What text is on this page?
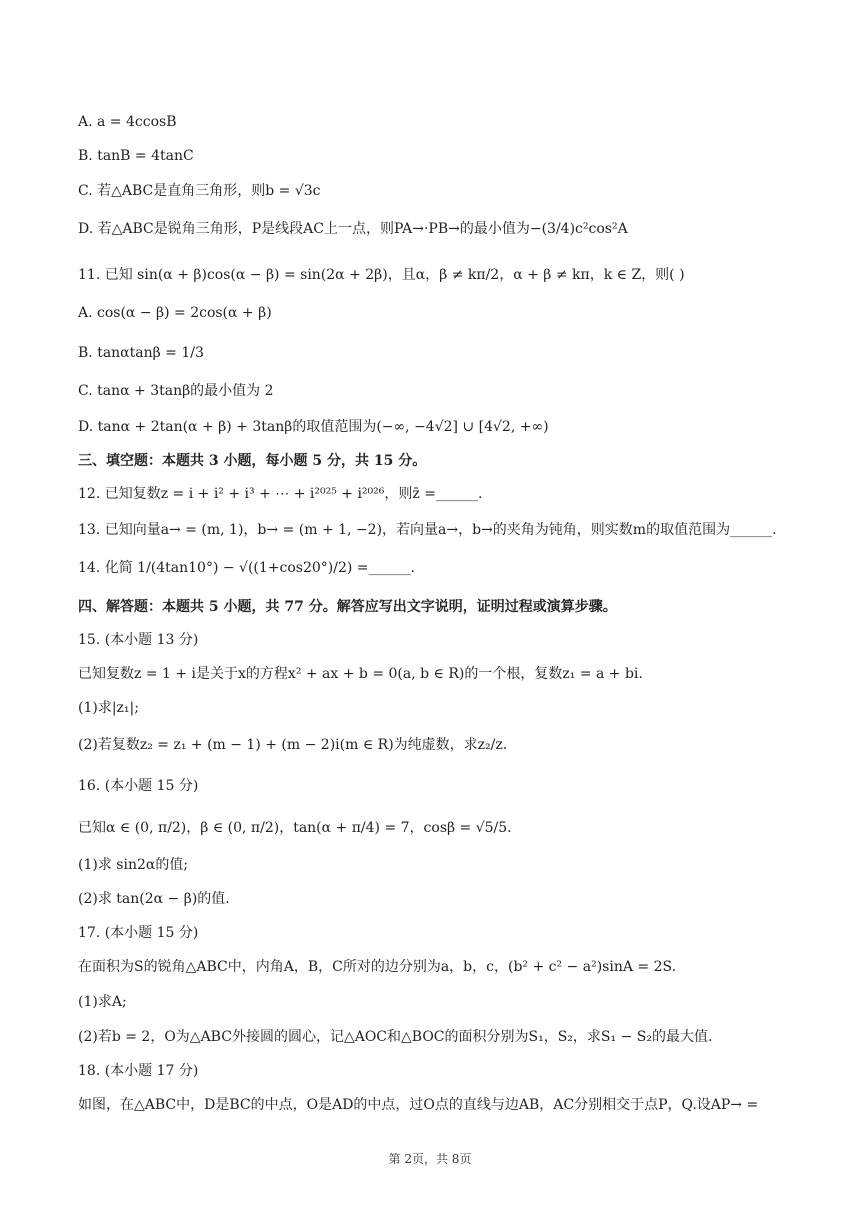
A. a = 4ccosB
B. tanB = 4tanC
C. 若△ABC是直角三角形，则b = √3c
D. 若△ABC是锐角三角形，P是线段AC上一点，则PA→·PB→的最小值为−(3/4)c²cos²A
11. 已知 sin(α + β)cos(α − β) = sin(2α + 2β)，且α，β ≠ kπ/2，α + β ≠ kπ，k ∈ Z，则( )
A. cos(α − β) = 2cos(α + β)
B. tanαtanβ = 1/3
C. tanα + 3tanβ的最小值为 2
D. tanα + 2tan(α + β) + 3tanβ的取值范围为(−∞, −4√2] ∪ [4√2, +∞)
三、填空题：本题共 3 小题，每小题 5 分，共 15 分。
12. 已知复数z = i + i² + i³ + ⋯ + i²⁰²⁵ + i²⁰²⁶，则z̄ =______.
13. 已知向量a→ = (m, 1)，b→ = (m + 1, −2)，若向量a→，b→的夹角为钝角，则实数m的取值范围为______.
14. 化简 1/(4tan10°) − √((1+cos20°)/2) =______.
四、解答题：本题共 5 小题，共 77 分。解答应写出文字说明，证明过程或演算步骤。
15. (本小题 13 分)
已知复数z = 1 + i是关于x的方程x² + ax + b = 0(a, b ∈ R)的一个根，复数z₁ = a + bi.
(1)求|z₁|;
(2)若复数z₂ = z₁ + (m − 1) + (m − 2)i(m ∈ R)为纯虚数，求z₂/z.
16. (本小题 15 分)
已知α ∈ (0, π/2)，β ∈ (0, π/2)，tan(α + π/4) = 7，cosβ = √5/5.
(1)求 sin2α的值;
(2)求 tan(2α − β)的值.
17. (本小题 15 分)
在面积为S的锐角△ABC中，内角A，B，C所对的边分别为a，b，c，(b² + c² − a²)sinA = 2S.
(1)求A;
(2)若b = 2，O为△ABC外接圆的圆心，记△AOC和△BOC的面积分别为S₁，S₂，求S₁ − S₂的最大值.
18. (本小题 17 分)
如图，在△ABC中，D是BC的中点，O是AD的中点，过O点的直线与边AB，AC分别相交于点P，Q.设AP→ =
第 2页，共 8页
